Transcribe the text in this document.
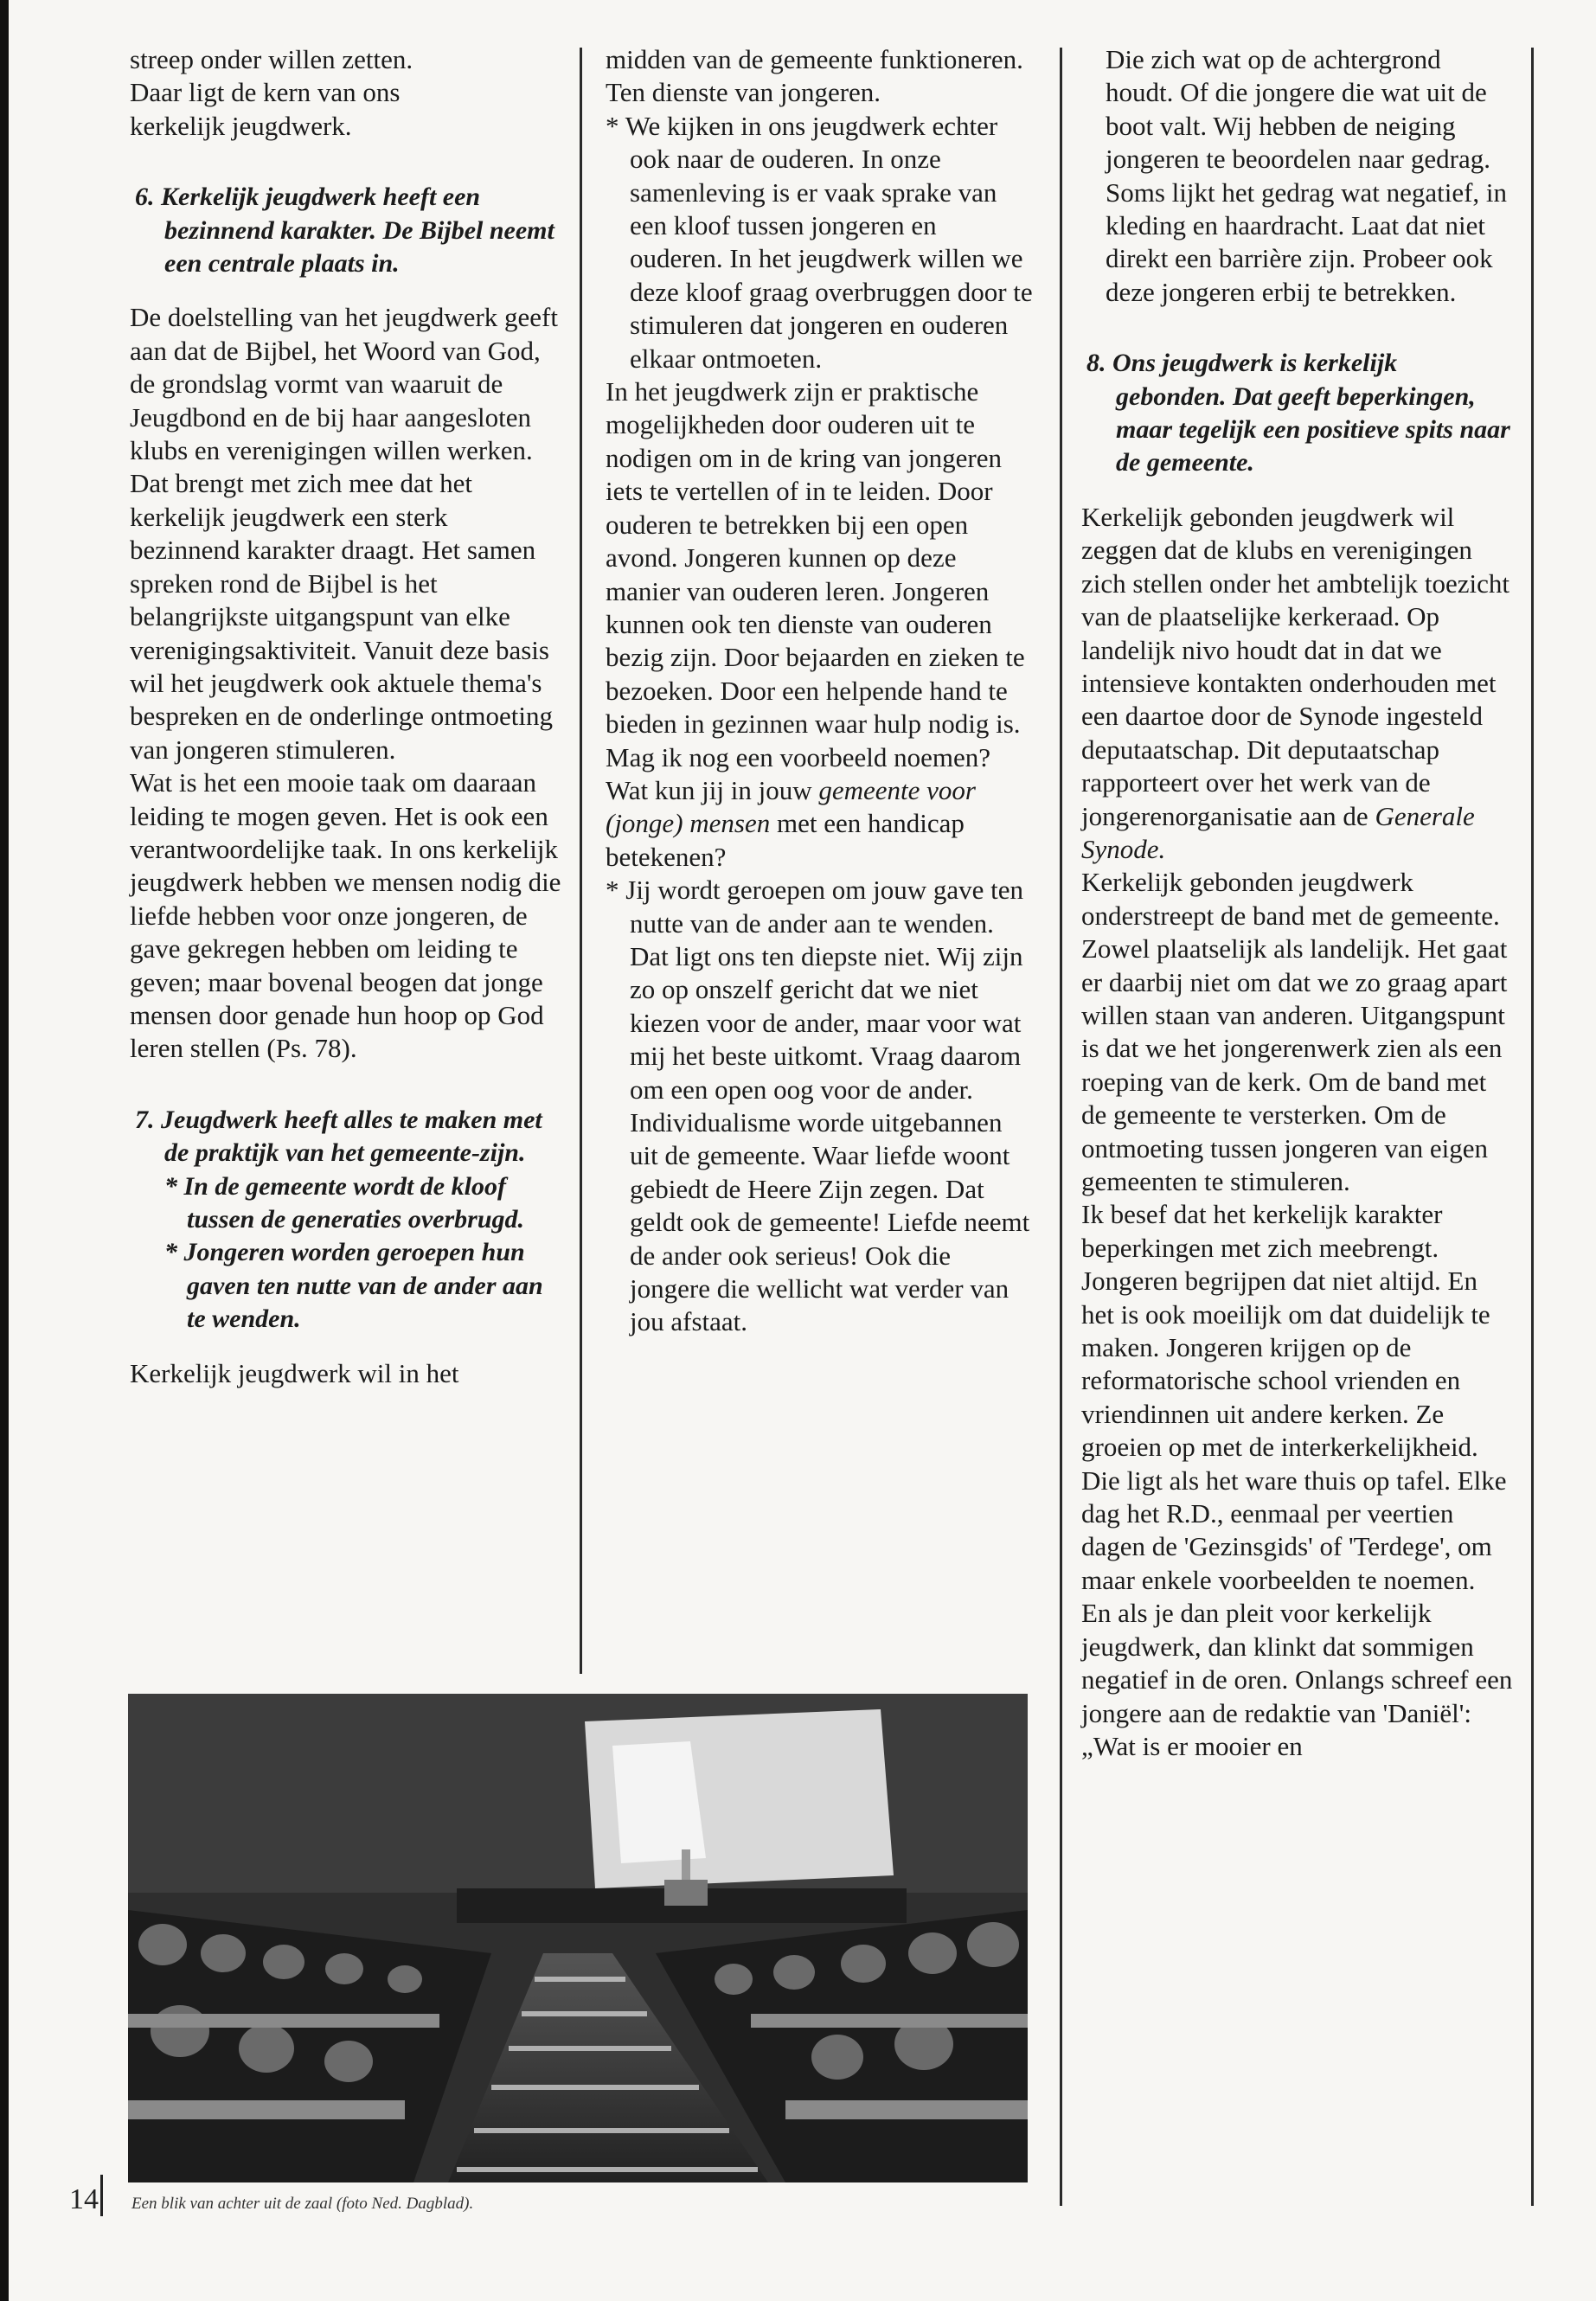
streep onder willen zetten.

Daar ligt de kern van ons

kerkelijk jeugdwerk.

6. Kerkelijk jeugdwerk heeft een bezinnend karakter. De Bijbel neemt een centrale plaats in.

De doelstelling van het jeugdwerk geeft aan dat de Bijbel, het Woord van God, de grondslag vormt van waaruit de Jeugdbond en de bij haar aangesloten klubs en verenigingen willen werken. Dat brengt met zich mee dat het kerkelijk jeugdwerk een sterk bezinnend karakter draagt. Het samen spreken rond de Bijbel is het belangrijkste uitgangspunt van elke verenigingsaktiviteit. Vanuit deze basis wil het jeugdwerk ook aktuele thema's bespreken en de onderlinge ontmoeting van jongeren stimuleren.

Wat is het een mooie taak om daaraan leiding te mogen geven. Het is ook een verantwoordelijke taak. In ons kerkelijk jeugdwerk hebben we mensen nodig die liefde hebben voor onze jongeren, de gave gekregen hebben om leiding te geven; maar bovenal beogen dat jonge mensen door genade hun hoop op God leren stellen (Ps. 78).

7. Jeugdwerk heeft alles te maken met de praktijk van het gemeente-zijn.

* In de gemeente wordt de kloof tussen de generaties overbrugd.

* Jongeren worden geroepen hun gaven ten nutte van de ander aan te wenden.

Kerkelijk jeugdwerk wil in het

midden van de gemeente funktioneren. Ten dienste van jongeren.

* We kijken in ons jeugdwerk echter ook naar de ouderen. In onze samenleving is er vaak sprake van een kloof tussen jongeren en ouderen. In het jeugdwerk willen we deze kloof graag overbruggen door te stimuleren dat jongeren en ouderen elkaar ontmoeten.

In het jeugdwerk zijn er praktische mogelijkheden door ouderen uit te nodigen om in de kring van jongeren iets te vertellen of in te leiden. Door ouderen te betrekken bij een open avond. Jongeren kunnen op deze manier van ouderen leren. Jongeren kunnen ook ten dienste van ouderen bezig zijn. Door bejaarden en zieken te bezoeken. Door een helpende hand te bieden in gezinnen waar hulp nodig is. Mag ik nog een voorbeeld noemen? Wat kun jij in jouw gemeente voor (jonge) mensen met een handicap betekenen?

* Jij wordt geroepen om jouw gave ten nutte van de ander aan te wenden. Dat ligt ons ten diepste niet. Wij zijn zo op onszelf gericht dat we niet kiezen voor de ander, maar voor wat mij het beste uitkomt. Vraag daarom om een open oog voor de ander. Individualisme worde uitgebannen uit de gemeente. Waar liefde woont gebiedt de Heere Zijn zegen. Dat geldt ook de gemeente! Liefde neemt de ander ook serieus! Ook die jongere die wellicht wat verder van jou afstaat.

Die zich wat op de achtergrond houdt. Of die jongere die wat uit de boot valt. Wij hebben de neiging jongeren te beoordelen naar gedrag. Soms lijkt het gedrag wat negatief, in kleding en haardracht. Laat dat niet direkt een barrière zijn. Probeer ook deze jongeren erbij te betrekken.

8. Ons jeugdwerk is kerkelijk gebonden. Dat geeft beperkingen, maar tegelijk een positieve spits naar de gemeente.

Kerkelijk gebonden jeugdwerk wil zeggen dat de klubs en verenigingen zich stellen onder het ambtelijk toezicht van de plaatselijke kerkeraad. Op landelijk nivo houdt dat in dat we intensieve kontakten onderhouden met een daartoe door de Synode ingesteld deputaatschap. Dit deputaatschap rapporteert over het werk van de jongerenorganisatie aan de Generale Synode.

Kerkelijk gebonden jeugdwerk onderstreept de band met de gemeente. Zowel plaatselijk als landelijk. Het gaat er daarbij niet om dat we zo graag apart willen staan van anderen. Uitgangspunt is dat we het jongerenwerk zien als een roeping van de kerk. Om de band met de gemeente te versterken. Om de ontmoeting tussen jongeren van eigen gemeenten te stimuleren.

Ik besef dat het kerkelijk karakter beperkingen met zich meebrengt. Jongeren begrijpen dat niet altijd. En het is ook moeilijk om dat duidelijk te maken. Jongeren krijgen op de reformatorische school vrienden en vriendinnen uit andere kerken. Ze groeien op met de interkerkelijkheid. Die ligt als het ware thuis op tafel. Elke dag het R.D., eenmaal per veertien dagen de 'Gezinsgids' of 'Terdege', om maar enkele voorbeelden te noemen.

En als je dan pleit voor kerkelijk jeugdwerk, dan klinkt dat sommigen negatief in de oren. Onlangs schreef een jongere aan de redaktie van 'Daniël': „Wat is er mooier en

Een blik van achter uit de zaal (foto Ned. Dagblad).
14
